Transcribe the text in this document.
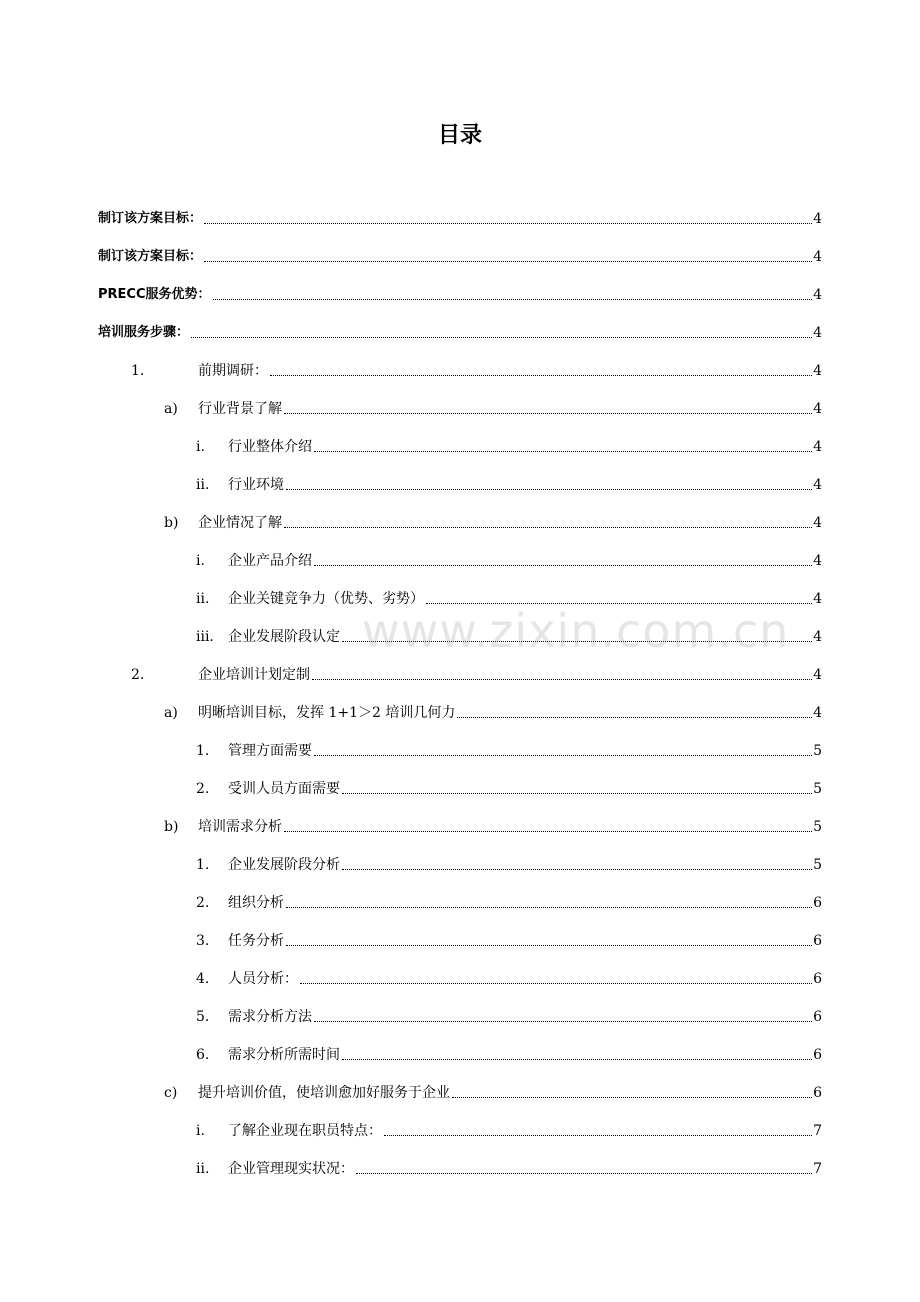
目录
制订该方案目标：	4
制订该方案目标：	4
PRECC服务优势：	4
培训服务步骤：	4
1.	前期调研：	4
a)	行业背景了解	4
i.	行业整体介绍	4
ii.	行业环境	4
b)	企业情况了解	4
i.	企业产品介绍	4
ii.	企业关键竞争力（优势、劣势）	4
iii.	企业发展阶段认定	4
2.	企业培训计划定制	4
a)	明晰培训目标，发挥 1+1＞2 培训几何力	4
1.	管理方面需要	5
2.	受训人员方面需要	5
b)	培训需求分析	5
1.	企业发展阶段分析	5
2.	组织分析	6
3.	任务分析	6
4.	人员分析：	6
5.	需求分析方法	6
6.	需求分析所需时间	6
c)	提升培训价值，使培训愈加好服务于企业	6
i.	了解企业现在职员特点：	7
ii.	企业管理现实状况：	7
www.zixin.com.cn
